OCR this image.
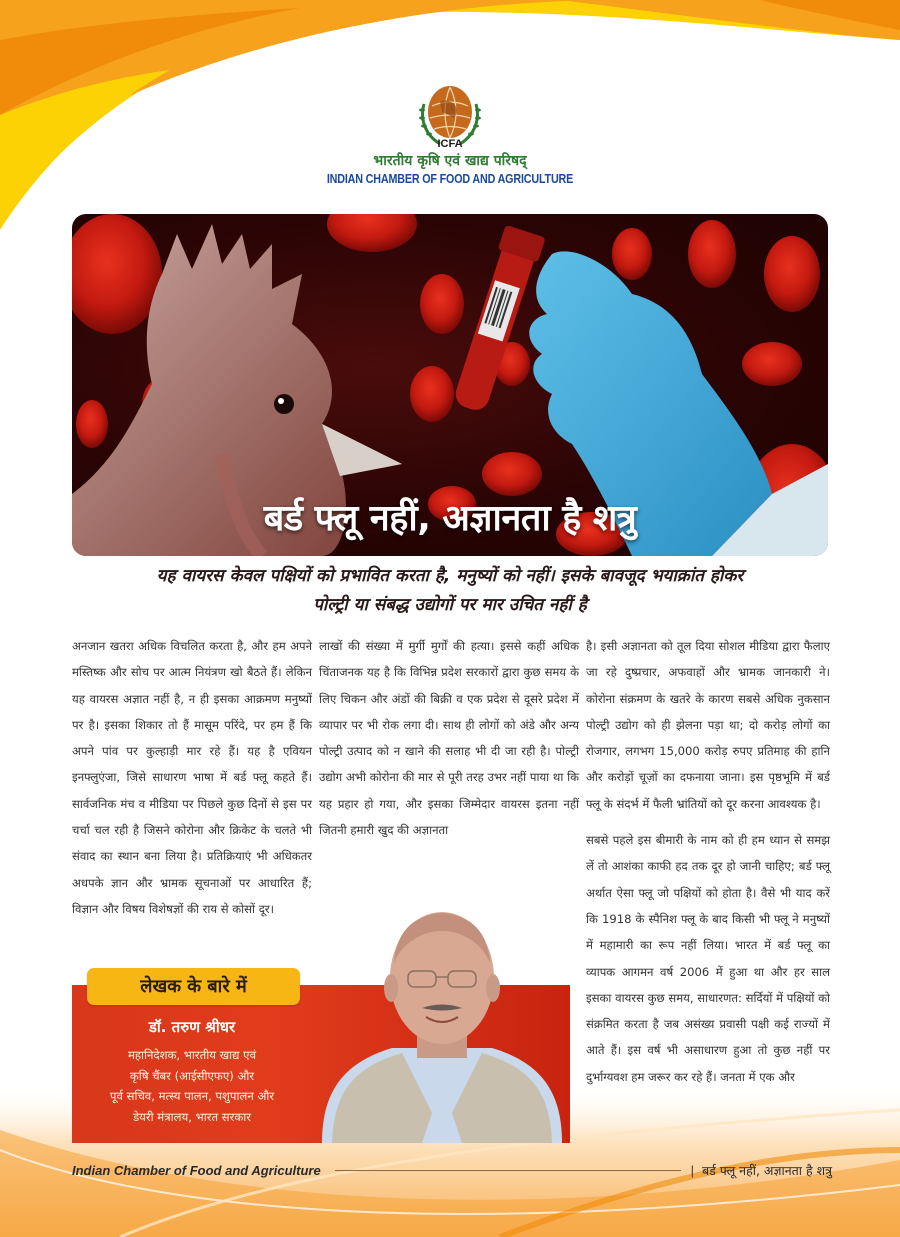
ICFA
भारतीय कृषि एवं खाद्य परिषद्
INDIAN CHAMBER OF FOOD AND AGRICULTURE
बर्ड फ्लू नहीं, अज्ञानता है शत्रु
यह वायरस केवल पक्षियों को प्रभावित करता है, मनुष्यों को नहीं। इसके बावजूद भयाक्रांत होकर
पोल्ट्री या संबद्ध उद्योगों पर मार उचित नहीं है

अनजान खतरा अधिक विचलित करता है, और हम अपने मस्तिष्क और सोच पर आत्म नियंत्रण खो बैठते हैं। लेकिन यह वायरस अज्ञात नहीं है, न ही इसका आक्रमण मनुष्यों पर है। इसका शिकार तो हैं मासूम परिंदे, पर हम हैं कि अपने पांव पर कुल्हाड़ी मार रहे हैं। यह है एवियन इनफ्लुएंजा, जिसे साधारण भाषा में बर्ड फ्लू कहते हैं। सार्वजनिक मंच व मीडिया पर पिछले कुछ दिनों से इस पर चर्चा चल रही है जिसने कोरोना और क्रिकेट के चलते भी संवाद का स्थान बना लिया है। प्रतिक्रियाएं भी अधिकतर अधपके ज्ञान और भ्रामक सूचनाओं पर आधारित हैं; विज्ञान और विषय विशेषज्ञों की राय से कोसों दूर।

लाखों की संख्या में मुर्गी मुर्गों की हत्या। इससे कहीं अधिक चिंताजनक यह है कि विभिन्न प्रदेश सरकारों द्वारा कुछ समय के लिए चिकन और अंडों की बिक्री व एक प्रदेश से दूसरे प्रदेश में व्यापार पर भी रोक लगा दी। साथ ही लोगों को अंडे और अन्य पोल्ट्री उत्पाद को न खाने की सलाह भी दी जा रही है। पोल्ट्री उद्योग अभी कोरोना की मार से पूरी तरह उभर नहीं पाया था कि यह प्रहार हो गया, और इसका जिम्मेदार वायरस इतना नहीं जितनी हमारी खुद की अज्ञानता

है। इसी अज्ञानता को तूल दिया सोशल मीडिया द्वारा फैलाए जा रहे दुष्प्रचार, अफवाहों और भ्रामक जानकारी ने। कोरोना संक्रमण के खतरे के कारण सबसे अधिक नुकसान पोल्ट्री उद्योग को ही झेलना पड़ा था; दो करोड़ लोगों का रोजगार, लगभग 15,000 करोड़ रुपए प्रतिमाह की हानि और करोड़ों चूज़ों का दफनाया जाना। इस पृष्ठभूमि में बर्ड फ्लू के संदर्भ में फैली भ्रांतियों को दूर करना आवश्यक है।

सबसे पहले इस बीमारी के नाम को ही हम ध्यान से समझ लें तो आशंका काफी हद तक दूर हो जानी चाहिए; बर्ड फ्लू अर्थात ऐसा फ्लू जो पक्षियों को होता है। वैसे भी याद करें कि 1918 के स्पैनिश फ्लू के बाद किसी भी फ्लू ने मनुष्यों में महामारी का रूप नहीं लिया। भारत में बर्ड फ्लू का व्यापक आगमन वर्ष 2006 में हुआ था और हर साल इसका वायरस कुछ समय, साधारणत: सर्दियों में पक्षियों को संक्रमित करता है जब असंख्य प्रवासी पक्षी कई राज्यों में आते हैं। इस वर्ष भी असाधारण हुआ तो कुछ नहीं पर दुर्भाग्यवश हम जरूर कर रहे हैं। जनता में एक और

लेखक के बारे में
डॉ. तरुण श्रीधर
महानिदेशक, भारतीय खाद्य एवं
कृषि चैंबर (आईसीएफए) और
पूर्व सचिव, मत्स्य पालन, पशुपालन और
डेयरी मंत्रालय, भारत सरकार
Indian Chamber of Food and Agriculture	| बर्ड फ्लू नहीं, अज्ञानता है शत्रु
